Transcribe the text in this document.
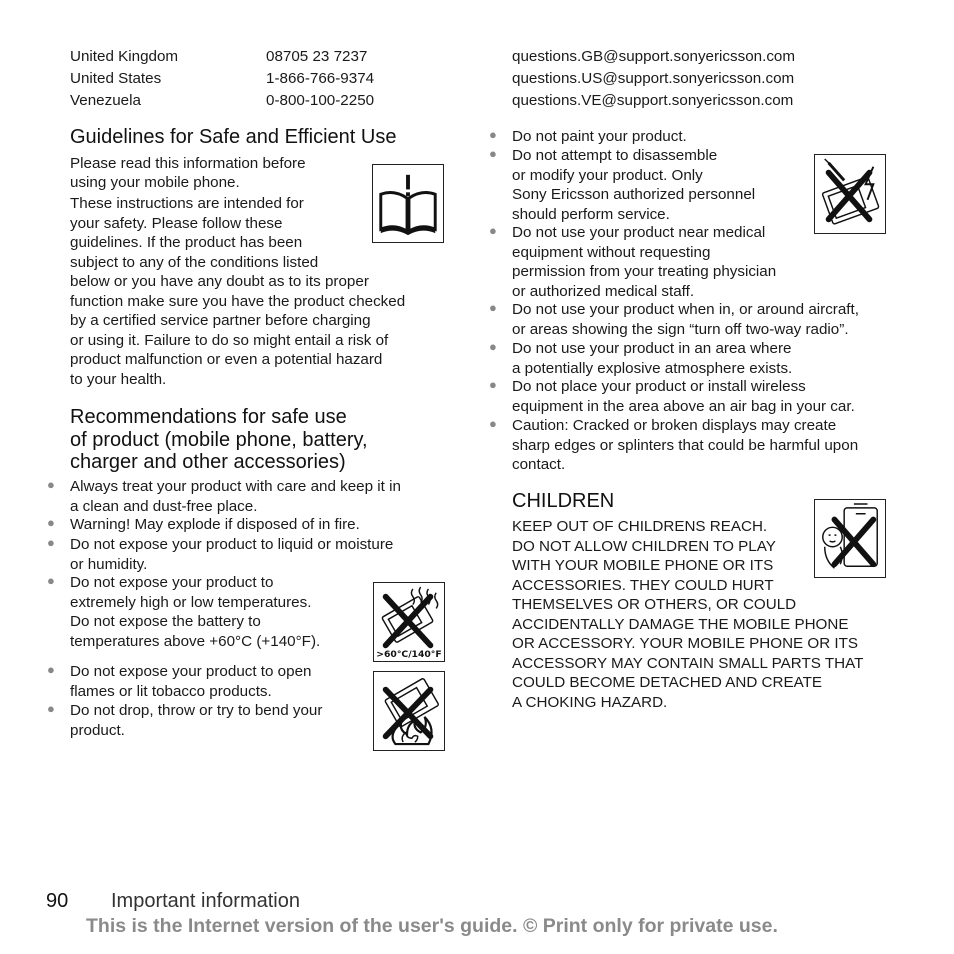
United Kingdom
United States
Venezuela
08705 23 7237
1-866-766-9374
0-800-100-2250
questions.GB@support.sonyericsson.com
questions.US@support.sonyericsson.com
questions.VE@support.sonyericsson.com
Guidelines for Safe and Efficient Use
Please read this information before
using your mobile phone.
These instructions are intended for
your safety. Please follow these
guidelines. If the product has been
subject to any of the conditions listed
below or you have any doubt as to its proper
function make sure you have the product checked
by a certified service partner before charging
or using it. Failure to do so might entail a risk of
product malfunction or even a potential hazard
to your health.
Recommendations for safe use
of product (mobile phone, battery,
charger and other accessories)
● Always treat your product with care and keep it in
a clean and dust-free place.
● Warning! May explode if disposed of in fire.
● Do not expose your product to liquid or moisture
or humidity.
● Do not expose your product to
extremely high or low temperatures.
Do not expose the battery to
temperatures above +60°C (+140°F).
● Do not expose your product to open
flames or lit tobacco products.
● Do not drop, throw or try to bend your
product.
>60°C/140°F
● Do not paint your product.
● Do not attempt to disassemble
or modify your product. Only
Sony Ericsson authorized personnel
should perform service.
● Do not use your product near medical
equipment without requesting
permission from your treating physician
or authorized medical staff.
● Do not use your product when in, or around aircraft,
or areas showing the sign “turn off two-way radio”.
● Do not use your product in an area where
a potentially explosive atmosphere exists.
● Do not place your product or install wireless
equipment in the area above an air bag in your car.
● Caution: Cracked or broken displays may create
sharp edges or splinters that could be harmful upon
contact.
CHILDREN
KEEP OUT OF CHILDRENS REACH.
DO NOT ALLOW CHILDREN TO PLAY
WITH YOUR MOBILE PHONE OR ITS
ACCESSORIES. THEY COULD HURT
THEMSELVES OR OTHERS, OR COULD
ACCIDENTALLY DAMAGE THE MOBILE PHONE
OR ACCESSORY. YOUR MOBILE PHONE OR ITS
ACCESSORY MAY CONTAIN SMALL PARTS THAT
COULD BECOME DETACHED AND CREATE
A CHOKING HAZARD.
90 Important information
This is the Internet version of the user's guide. © Print only for private use.
